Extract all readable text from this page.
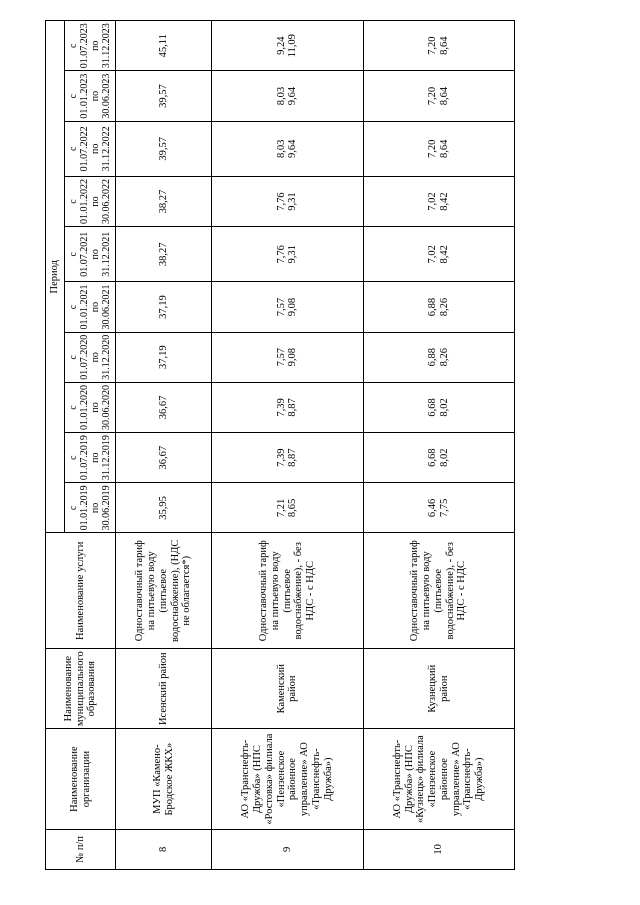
№ п/п	Наименование организации	Наименование муниципального образования	Наименование услуги	Период									

				с 01.01.2019 по 30.06.2019	с 01.07.2019 по 31.12.2019	с 01.01.2020 по 30.06.2020	с 01.07.2020 по 31.12.2020	с 01.01.2021 по 30.06.2021	с 01.07.2021 по 31.12.2021	с 01.01.2022 по 30.06.2022	с 01.07.2022 по 31.12.2022	с 01.01.2023 по 30.06.2023	с 01.07.2023 по 31.12.2023

8	МУП «Камено-Бродское ЖКХ»	Исенский район	Одноставочный тариф на питьевую воду (питьевое водоснабжение), (НДС не облагается*)	35,95	36,67	36,67	37,19	37,19	38,27	38,27	39,57	39,57	45,11

9	АО «Транснефть-Дружба» (НПС «Ростовка» филиала «Пензенское районное управление» АО «Транснефть-Дружба»)	Каменский район	Одноставочный тариф на питьевую воду (питьевое водоснабжение), - без НДС - с НДС	7,21 8,65	7,39 8,87	7,39 8,87	7,57 9,08	7,57 9,08	7,76 9,31	7,76 9,31	8,03 9,64	8,03 9,64	9,24 11,09

10	АО «Транснефть-Дружба» (НПС «Кузнецк» филиала «Пензенское районное управление» АО «Транснефть-Дружба»)	Кузнецкий район	Одноставочный тариф на питьевую воду (питьевое водоснабжение), - без НДС - с НДС	6,46 7,75	6,68 8,02	6,68 8,02	6,88 8,26	6,88 8,26	7,02 8,42	7,02 8,42	7,20 8,64	7,20 8,64	7,20 8,64
